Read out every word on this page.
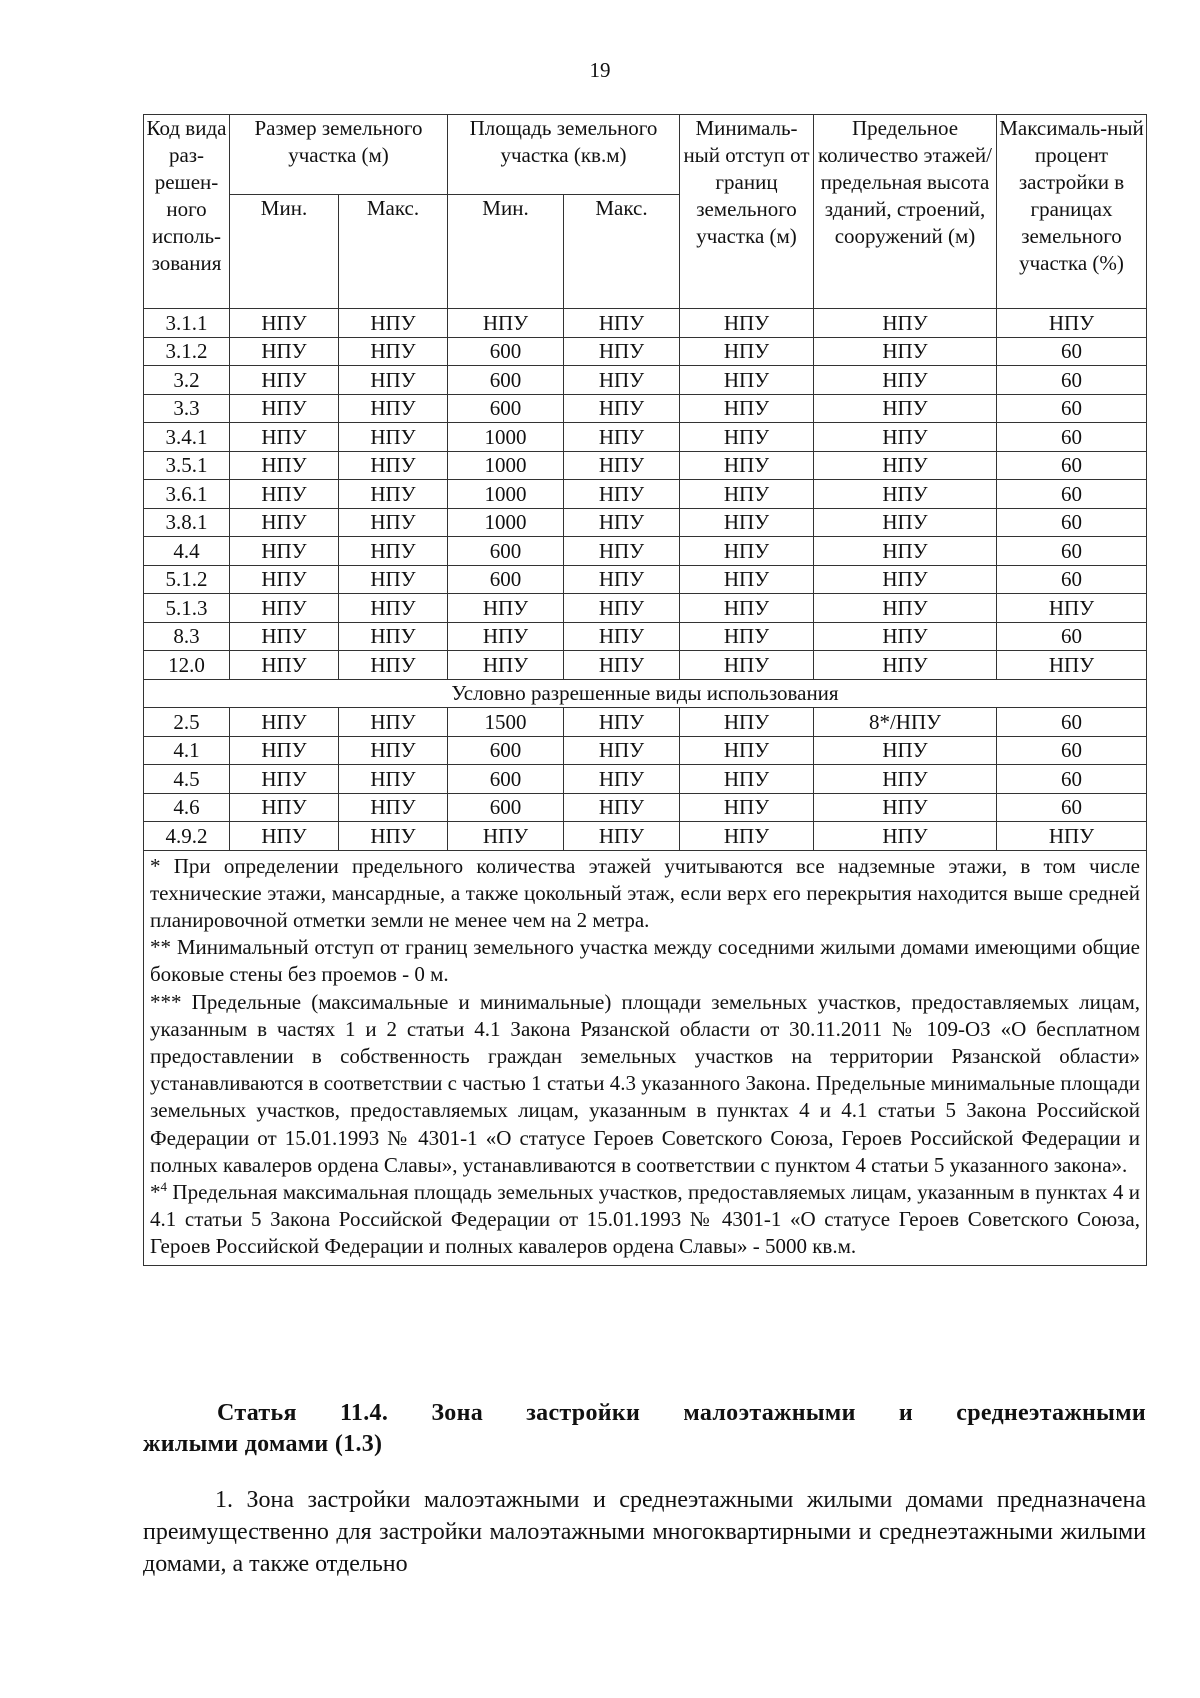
19
Код вида раз-решен-ного исполь-зования	Размер земельного участка (м)		Площадь земельного участка (кв.м)		Минималь-ный отступ от границ земельного участка (м)	Предельное количество этажей/ предельная высота зданий, строений, сооружений (м)	Максималь-ный процент застройки в границах земельного участка (%)
	Мин.	Макс.	Мин.	Макс.			
3.1.1	НПУ	НПУ	НПУ	НПУ	НПУ	НПУ	НПУ
3.1.2	НПУ	НПУ	600	НПУ	НПУ	НПУ	60
3.2	НПУ	НПУ	600	НПУ	НПУ	НПУ	60
3.3	НПУ	НПУ	600	НПУ	НПУ	НПУ	60
3.4.1	НПУ	НПУ	1000	НПУ	НПУ	НПУ	60
3.5.1	НПУ	НПУ	1000	НПУ	НПУ	НПУ	60
3.6.1	НПУ	НПУ	1000	НПУ	НПУ	НПУ	60
3.8.1	НПУ	НПУ	1000	НПУ	НПУ	НПУ	60
4.4	НПУ	НПУ	600	НПУ	НПУ	НПУ	60
5.1.2	НПУ	НПУ	600	НПУ	НПУ	НПУ	60
5.1.3	НПУ	НПУ	НПУ	НПУ	НПУ	НПУ	НПУ
8.3	НПУ	НПУ	НПУ	НПУ	НПУ	НПУ	60
12.0	НПУ	НПУ	НПУ	НПУ	НПУ	НПУ	НПУ
Условно разрешенные виды использования							
2.5	НПУ	НПУ	1500	НПУ	НПУ	8*/НПУ	60
4.1	НПУ	НПУ	600	НПУ	НПУ	НПУ	60
4.5	НПУ	НПУ	600	НПУ	НПУ	НПУ	60
4.6	НПУ	НПУ	600	НПУ	НПУ	НПУ	60
4.9.2	НПУ	НПУ	НПУ	НПУ	НПУ	НПУ	НПУ

* При определении предельного количества этажей учитываются все надземные этажи, в том числе технические этажи, мансардные, а также цокольный этаж, если верх его перекрытия находится выше средней планировочной отметки земли не менее чем на 2 метра.

** Минимальный отступ от границ земельного участка между соседними жилыми домами имеющими общие боковые стены без проемов - 0 м.

*** Предельные (максимальные и минимальные) площади земельных участков, предоставляемых лицам, указанным в частях 1 и 2 статьи 4.1 Закона Рязанской области от 30.11.2011 № 109-ОЗ «О бесплатном предоставлении в собственность граждан земельных участков на территории Рязанской области» устанавливаются в соответствии с частью 1 статьи 4.3 указанного Закона. Предельные минимальные площади земельных участков, предоставляемых лицам, указанным в пунктах 4 и 4.1 статьи 5 Закона Российской Федерации от 15.01.1993 № 4301-1 «О статусе Героев Советского Союза, Героев Российской Федерации и полных кавалеров ордена Славы», устанавливаются в соответствии с пунктом 4 статьи 5 указанного закона».

*$^4$ Предельная максимальная площадь земельных участков, предоставляемых лицам, указанным в пунктах 4 и 4.1 статьи 5 Закона Российской Федерации от 15.01.1993 № 4301-1 «О статусе Героев Советского Союза, Героев Российской Федерации и полных кавалеров ордена Славы» - 5000 кв.м.							

Статья 11.4. Зона застройки малоэтажными и среднеэтажными
жилыми домами (1.3)
1. Зона застройки малоэтажными и среднеэтажными жилыми домами предназначена преимущественно для застройки малоэтажными многоквартирными и среднеэтажными жилыми домами, а также отдельно
